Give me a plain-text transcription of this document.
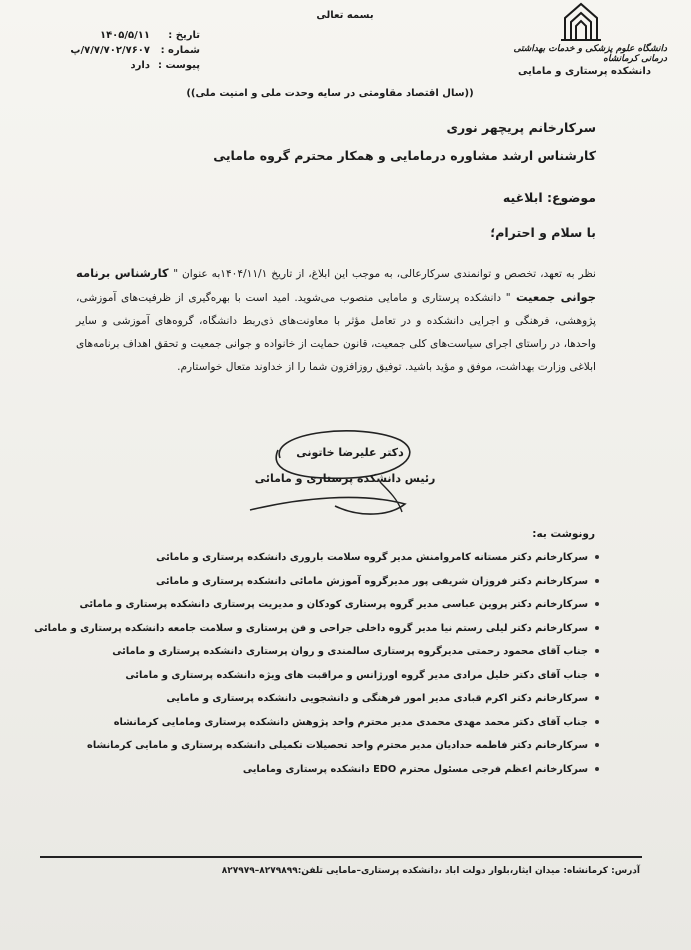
بسمه تعالی
تاریخ :
۱۴۰۵/۵/۱۱
شماره :
۷/۷/۷۰۲/۷۶۰۷/پ
پیوست :
دارد
دانشگاه علوم پزشکی و خدمات بهداشتی درمانی کرمانشاه
دانشکده پرستاری و مامایی
((سال اقتصاد مقاومتی در سایه وحدت ملی و امنیت ملی))
سرکارخانم پریچهر نوری
کارشناس ارشد مشاوره درمامایی و همکار محترم گروه مامایی
موضوع: ابلاغیه
با سلام و احترام؛
نظر به تعهد، تخصص و توانمندی سرکارعالی، به موجب این ابلاغ، از تاریخ ۱۴۰۴/۱۱/۱به عنوان " کارشناس برنامه جوانی جمعیت " دانشکده پرستاری و مامایی منصوب می‌شوید. امید است با بهره‌گیری از ظرفیت‌های آموزشی، پژوهشی، فرهنگی و اجرایی دانشکده و در تعامل مؤثر با معاونت‌های ذی‌ربط دانشگاه، گروه‌های آموزشی و سایر واحدها، در راستای اجرای سیاست‌های کلی جمعیت، قانون حمایت از خانواده و جوانی جمعیت و تحقق اهداف برنامه‌های ابلاغی وزارت بهداشت، موفق و مؤید باشید. توفیق روزافزون شما را از خداوند متعال خواستارم.
دکتر علیرضا خاتونی
رئیس دانشکده پرستاری و مامائی
رونوشت به:
سرکارخانم دکتر مستانه کامروامنش مدیر گروه سلامت باروری دانشکده پرستاری و مامائی
سرکارخانم دکتر فروزان شریفی پور مدیرگروه آموزش مامائی دانشکده پرستاری و مامائی
سرکارخانم دکتر پروین عباسی مدیر گروه پرستاری کودکان و مدیریت پرستاری دانشکده پرستاری و مامائی
سرکارخانم دکتر لیلی رستم نیا مدیر گروه داخلی جراحی و فن پرستاری و سلامت جامعه دانشکده پرستاری و مامائی
جناب آقای محمود رحمتی مدیرگروه پرستاری سالمندی و روان پرستاری دانشکده پرستاری و مامائی
جناب آقای دکتر خلیل مرادی مدیر گروه اورژانس و مراقبت های ویژه دانشکده پرستاری و مامائی
سرکارخانم دکتر اکرم قبادی مدیر امور فرهنگی و دانشجویی دانشکده پرستاری و مامایی
جناب آقای دکتر محمد مهدی محمدی مدیر محترم واحد پژوهش دانشکده پرستاری ومامایی کرمانشاه
سرکارخانم دکتر فاطمه حدادیان مدیر محترم واحد تحصیلات تکمیلی دانشکده پرستاری و مامایی کرمانشاه
سرکارخانم اعظم فرجی مسئول محترم EDO دانشکده پرستاری ومامایی
آدرس: کرمانشاه: میدان ایثار،بلوار دولت اباد ،دانشکده پرستاری–مامایی تلفن:۸۲۷۹۸۹۹–۸۲۷۹۷۹
